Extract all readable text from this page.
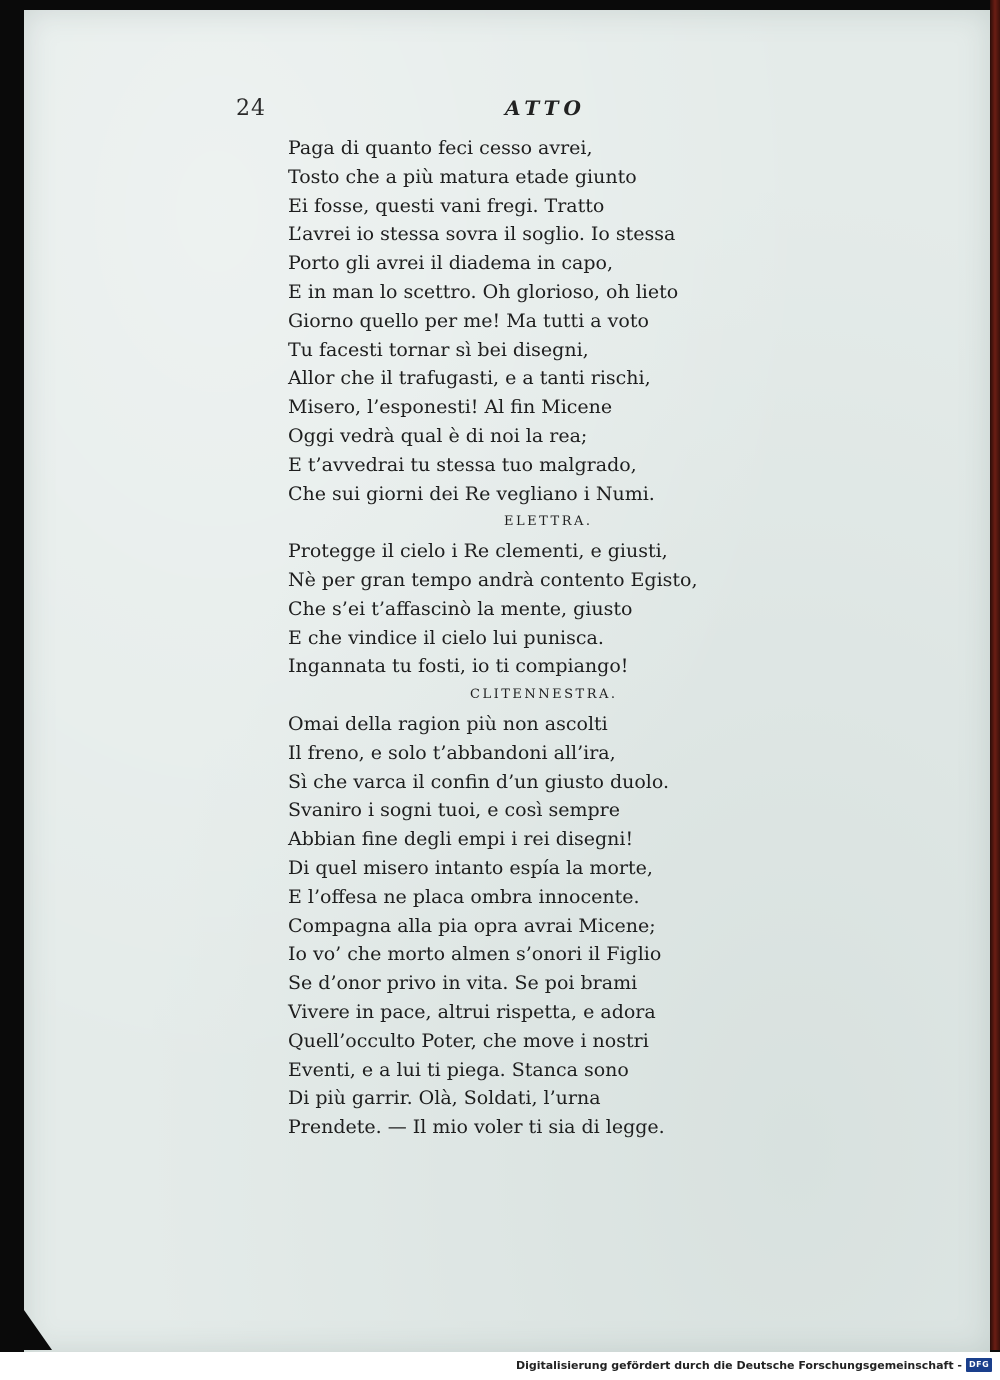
24	ATTO
Paga di quanto feci cesso avrei,
Tosto che a più matura etade giunto
Ei fosse, questi vani fregi. Tratto
L’avrei io stessa sovra il soglio. Io stessa
Porto gli avrei il diadema in capo,
E in man lo scettro. Oh glorioso, oh lieto
Giorno quello per me! Ma tutti a voto
Tu facesti tornar sì bei disegni,
Allor che il trafugasti, e a tanti rischi,
Misero, l’esponesti! Al fin Micene
Oggi vedrà qual è di noi la rea;
E t’avvedrai tu stessa tuo malgrado,
Che sui giorni dei Re vegliano i Numi.
ELETTRA.
Protegge il cielo i Re clementi, e giusti,
Nè per gran tempo andrà contento Egisto,
Che s’ei t’affascinò la mente, giusto
E che vindice il cielo lui punisca.
Ingannata tu fosti, io ti compiango!
CLITENNESTRA.
Omai della ragion più non ascolti
Il freno, e solo t’abbandoni all’ira,
Sì che varca il confin d’un giusto duolo.
Svaniro i sogni tuoi, e così sempre
Abbian fine degli empi i rei disegni!
Di quel misero intanto espía la morte,
E l’offesa ne placa ombra innocente.
Compagna alla pia opra avrai Micene;
Io vo’ che morto almen s’onori il Figlio
Se d’onor privo in vita. Se poi brami
Vivere in pace, altrui rispetta, e adora
Quell’occulto Poter, che move i nostri
Eventi, e a lui ti piega. Stanca sono
Di più garrir. Olà, Soldati, l’urna
Prendete. — Il mio voler ti sia di legge.
Digitalisierung gefördert durch die Deutsche Forschungsgemeinschaft - DFG
